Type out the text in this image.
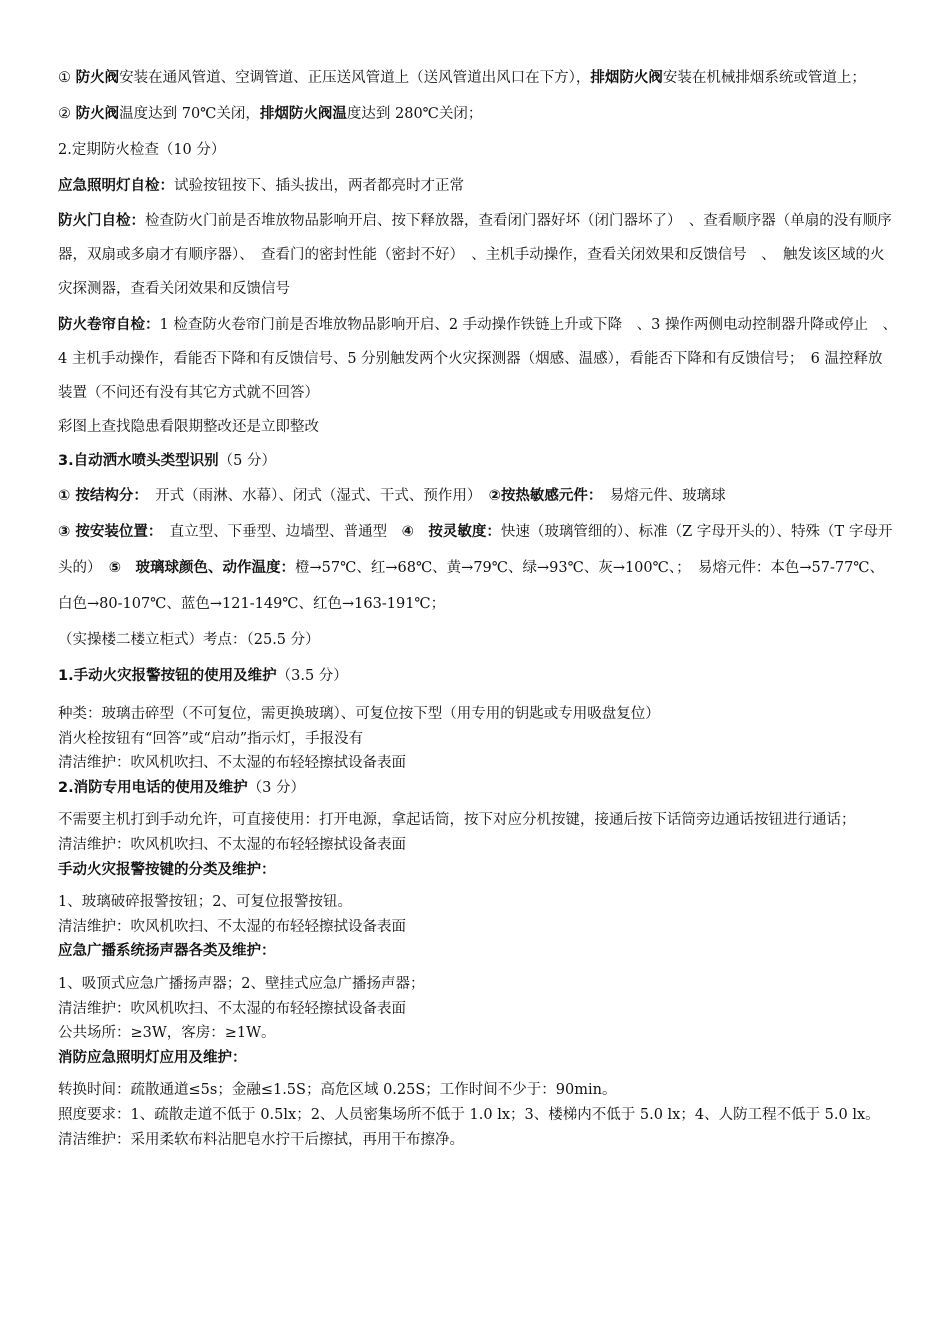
① 防火阀安装在通风管道、空调管道、正压送风管道上（送风管道出风口在下方），排烟防火阀安装在机械排烟系统或管道上；

② 防火阀温度达到 70℃关闭，排烟防火阀温度达到 280℃关闭；

2.定期防火检查（10 分）

应急照明灯自检：试验按钮按下、插头拔出，两者都亮时才正常

防火门自检：检查防火门前是否堆放物品影响开启、按下释放器，查看闭门器好坏（闭门器坏了）　、查看顺序器（单扇的没有顺序器，双扇或多扇才有顺序器）、　查看门的密封性能（密封不好）　、主机手动操作，查看关闭效果和反馈信号　、　触发该区域的火灾探测器，查看关闭效果和反馈信号

防火卷帘自检：1 检查防火卷帘门前是否堆放物品影响开启、2 手动操作铁链上升或下降　、3 操作两侧电动控制器升降或停止　、　4 主机手动操作，看能否下降和有反馈信号、5 分别触发两个火灾探测器（烟感、温感），看能否下降和有反馈信号；　6 温控释放装置（不问还有没有其它方式就不回答）

彩图上查找隐患看限期整改还是立即整改

3.自动洒水喷头类型识别（5 分）

① 按结构分：　开式（雨淋、水幕）、闭式（湿式、干式、预作用）　②按热敏感元件：　易熔元件、玻璃球

③ 按安装位置：　直立型、下垂型、边墙型、普通型　④　按灵敏度：快速（玻璃管细的）、标准（Z 字母开头的）、特殊（T 字母开头的）　⑤　玻璃球颜色、动作温度：橙→57℃、红→68℃、黄→79℃、绿→93℃、灰→100℃、；　易熔元件：本色→57-77℃、白色→80-107℃、蓝色→121-149℃、红色→163-191℃；

（实操楼二楼立柜式）考点：（25.5 分）

1.手动火灾报警按钮的使用及维护（3.5 分）

种类：玻璃击碎型（不可复位，需更换玻璃）、可复位按下型（用专用的钥匙或专用吸盘复位）

消火栓按钮有“回答”或“启动”指示灯，手报没有

清洁维护：吹风机吹扫、不太湿的布轻轻擦拭设备表面

2.消防专用电话的使用及维护（3 分）

不需要主机打到手动允许，可直接使用：打开电源，拿起话筒，按下对应分机按键，接通后按下话筒旁边通话按钮进行通话；

清洁维护：吹风机吹扫、不太湿的布轻轻擦拭设备表面

手动火灾报警按键的分类及维护：

1、玻璃破碎报警按钮；2、可复位报警按钮。

清洁维护：吹风机吹扫、不太湿的布轻轻擦拭设备表面

应急广播系统扬声器各类及维护：

1、吸顶式应急广播扬声器；2、壁挂式应急广播扬声器；

清洁维护：吹风机吹扫、不太湿的布轻轻擦拭设备表面

公共场所：≥3W，客房：≥1W。

消防应急照明灯应用及维护：

转换时间：疏散通道≤5s；金融≤1.5S；高危区域 0.25S；工作时间不少于：90min。

照度要求：1、疏散走道不低于 0.5lx；2、人员密集场所不低于 1.0 lx；3、楼梯内不低于 5.0 lx；4、人防工程不低于 5.0 lx。

清洁维护：采用柔软布料沾肥皂水拧干后擦拭，再用干布擦净。
